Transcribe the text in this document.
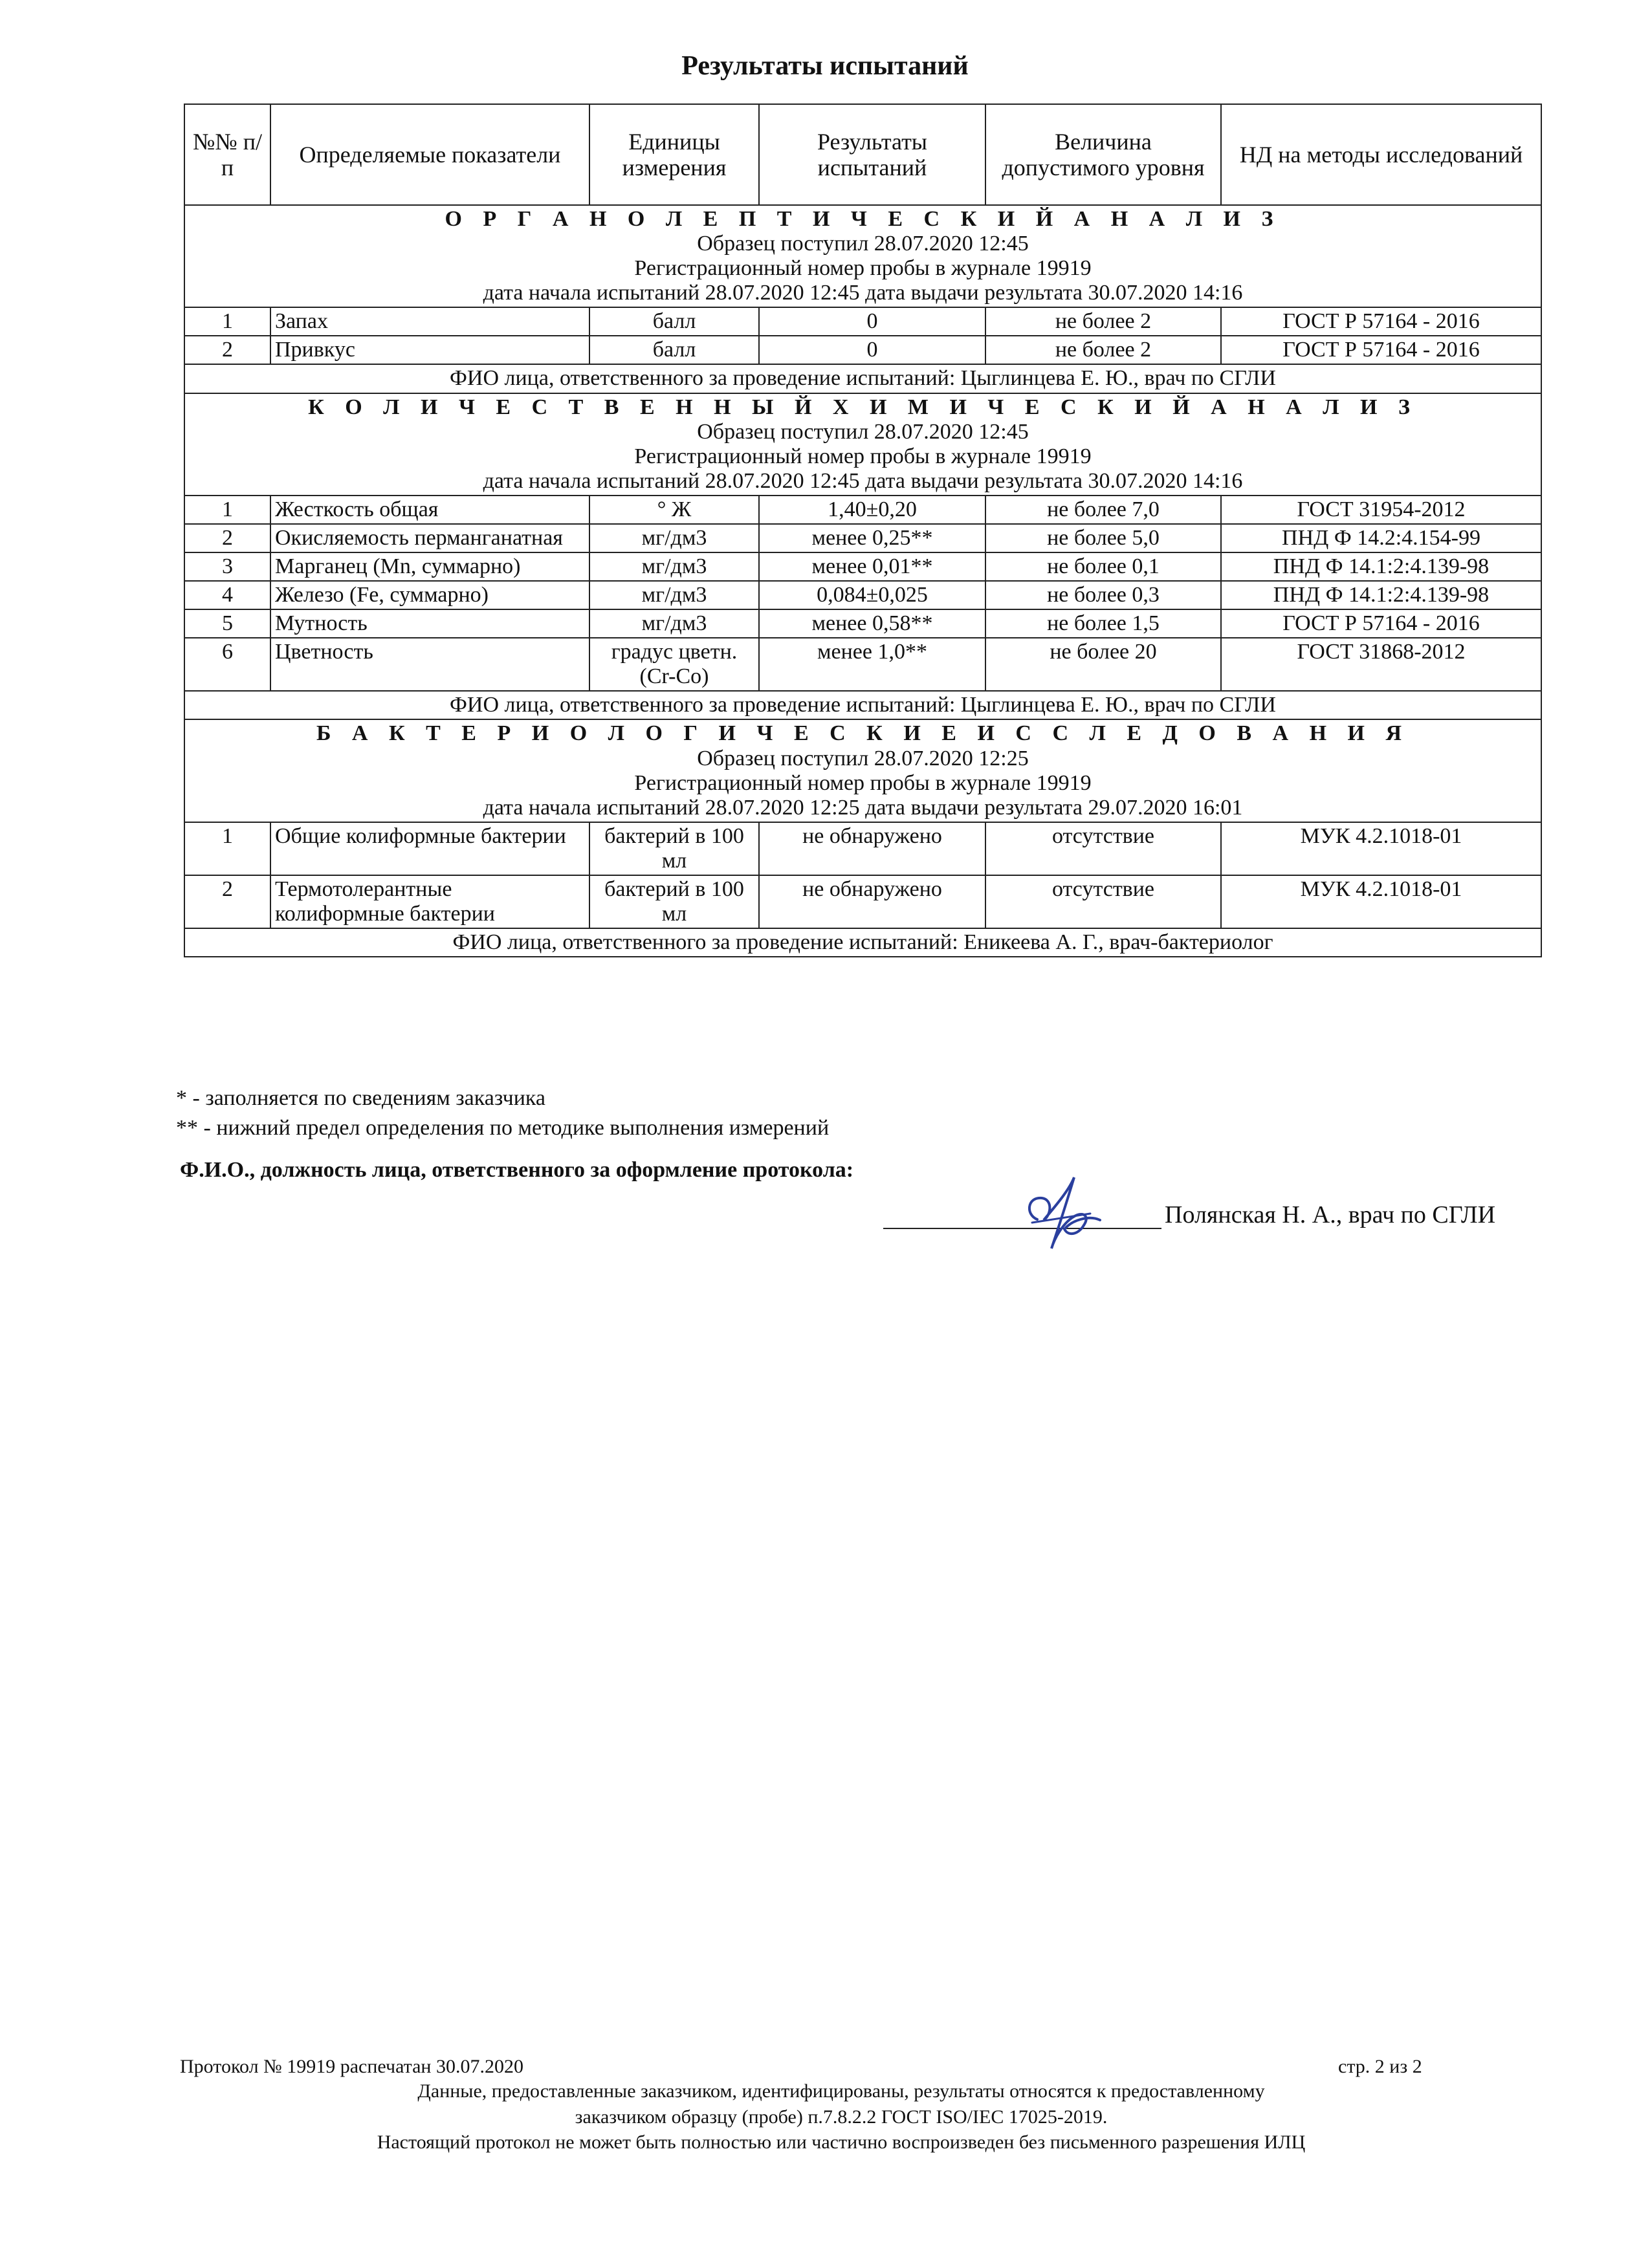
Результаты испытаний
№№ п/п	Определяемые показатели	Единицы измерения	Результаты испытаний	Величина допустимого уровня	НД на методы исследований

О Р Г А Н О Л Е П Т И Ч Е С К И Й А Н А Л И З
Образец поступил 28.07.2020 12:45
Регистрационный номер пробы в журнале 19919
дата начала испытаний 28.07.2020 12:45 дата выдачи результата 30.07.2020 14:16					

1	Запах	балл	0	не более 2	ГОСТ Р 57164 - 2016
2	Привкус	балл	0	не более 2	ГОСТ Р 57164 - 2016
ФИО лица, ответственного за проведение испытаний: Цыглинцева Е. Ю., врач по СГЛИ					

К О Л И Ч Е С Т В Е Н Н Ы Й Х И М И Ч Е С К И Й А Н А Л И З
Образец поступил 28.07.2020 12:45
Регистрационный номер пробы в журнале 19919
дата начала испытаний 28.07.2020 12:45 дата выдачи результата 30.07.2020 14:16					

1	Жесткость общая	° Ж	1,40±0,20	не более 7,0	ГОСТ 31954-2012
2	Окисляемость перманганатная	мг/дм3	менее 0,25**	не более 5,0	ПНД Ф 14.2:4.154-99
3	Марганец (Mn, суммарно)	мг/дм3	менее 0,01**	не более 0,1	ПНД Ф 14.1:2:4.139-98
4	Железо (Fe, суммарно)	мг/дм3	0,084±0,025	не более 0,3	ПНД Ф 14.1:2:4.139-98
5	Мутность	мг/дм3	менее 0,58**	не более 1,5	ГОСТ Р 57164 - 2016
6	Цветность	градус цветн.(Cr-Co)	менее 1,0**	не более 20	ГОСТ 31868-2012
ФИО лица, ответственного за проведение испытаний: Цыглинцева Е. Ю., врач по СГЛИ					

Б А К Т Е Р И О Л О Г И Ч Е С К И Е И С С Л Е Д О В А Н И Я
Образец поступил 28.07.2020 12:25
Регистрационный номер пробы в журнале 19919
дата начала испытаний 28.07.2020 12:25 дата выдачи результата 29.07.2020 16:01					

1	Общие колиформные бактерии	бактерий в 100 мл	не обнаружено	отсутствие	МУК 4.2.1018-01
2	Термотолерантные колиформные бактерии	бактерий в 100 мл	не обнаружено	отсутствие	МУК 4.2.1018-01
ФИО лица, ответственного за проведение испытаний: Еникеева А. Г., врач-бактериолог					
* - заполняется по сведениям заказчика
** - нижний предел определения по методике выполнения измерений
Ф.И.О., должность лица, ответственного за оформление протокола:
Полянская Н. А., врач по СГЛИ
Протокол № 19919 распечатан 30.07.2020	стр. 2 из 2
Данные, предоставленные заказчиком, идентифицированы, результаты относятся к предоставленному
заказчиком образцу (пробе) п.7.8.2.2 ГОСТ ISO/IEC 17025-2019.
Настоящий протокол не может быть полностью или частично воспроизведен без письменного разрешения ИЛЦ
